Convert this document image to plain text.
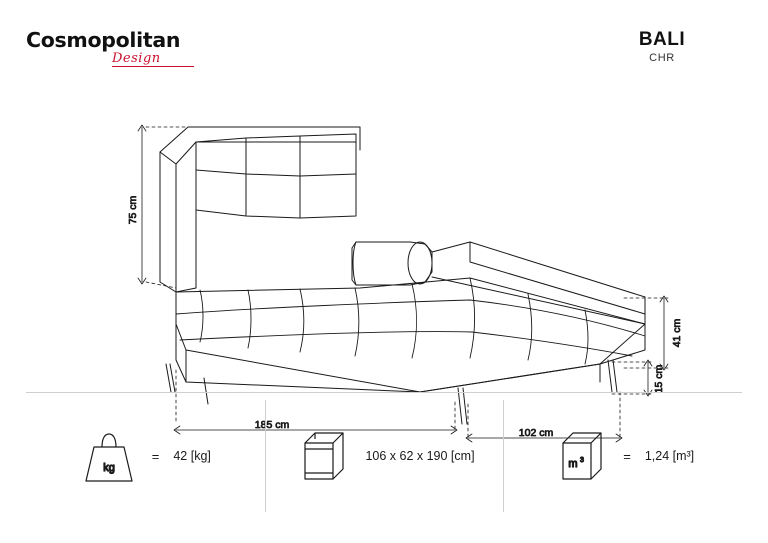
Cosmopolitan
Design
BALI
CHR
75 cm
185 cm
102 cm
41 cm
15 cm
kg
= 42 [kg]	106 x 62 x 190 [cm]
m 3	= 1,24 [m³]
